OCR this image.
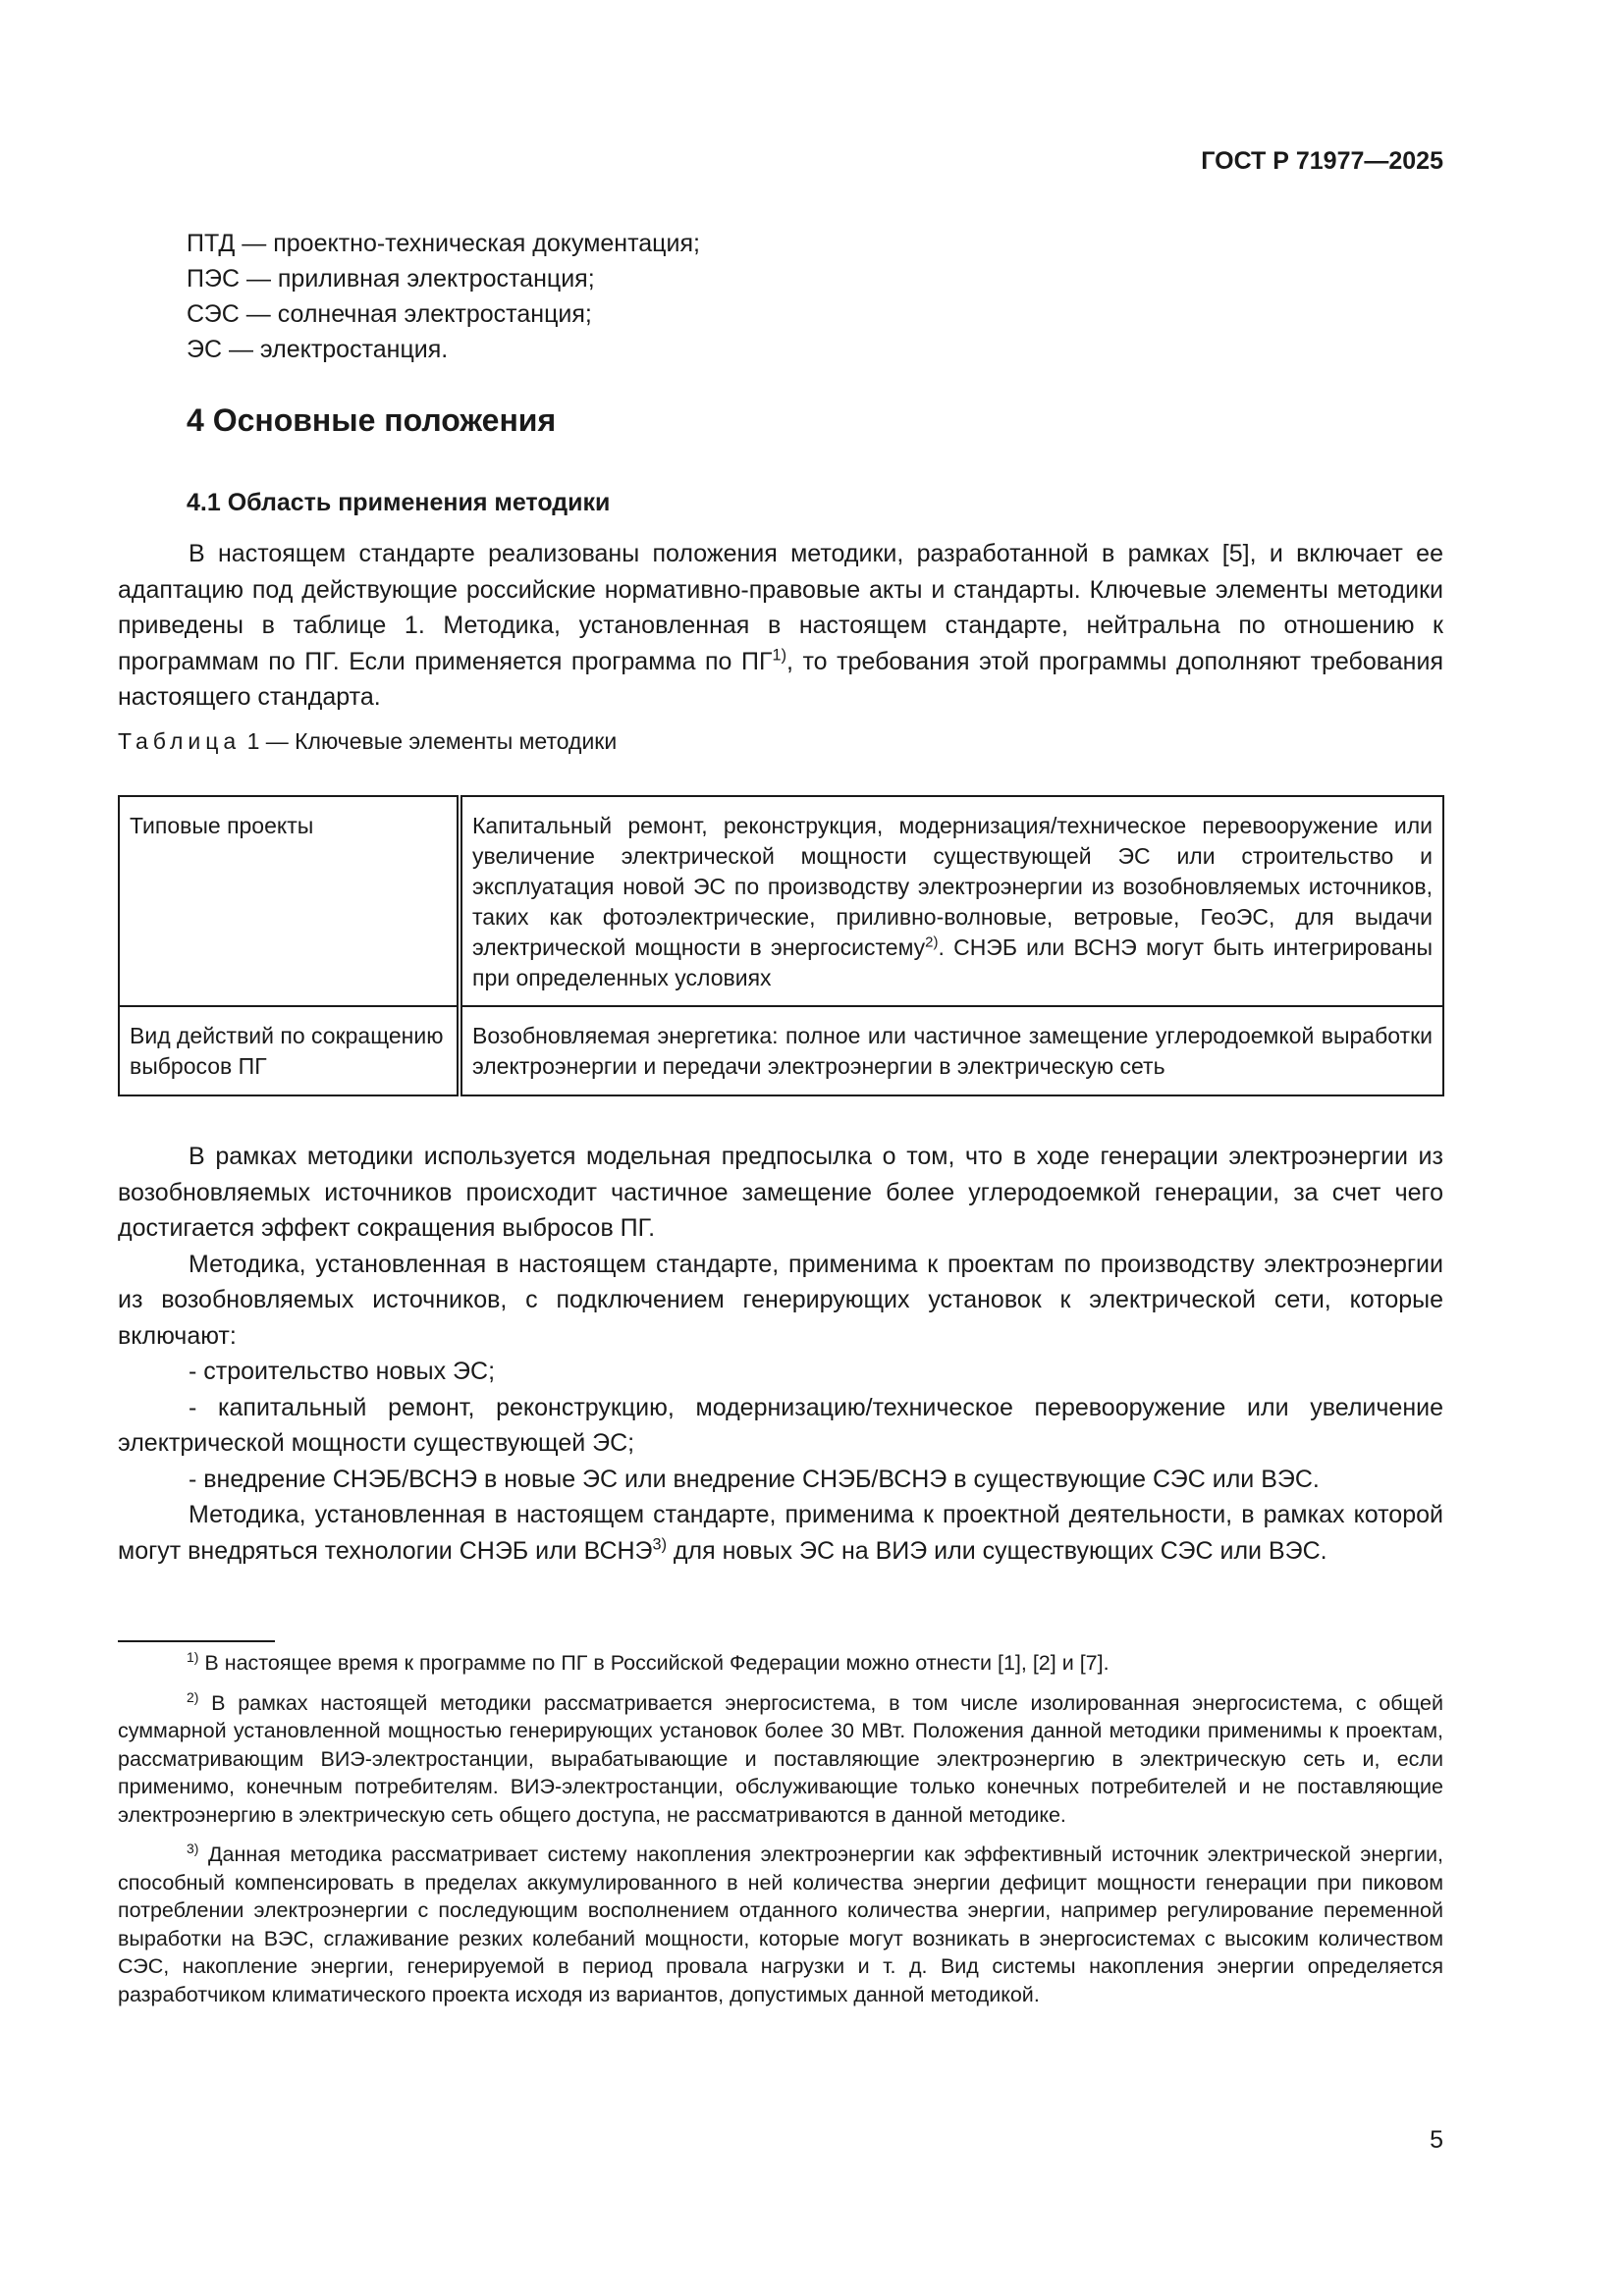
ГОСТ Р 71977—2025
ПТД — проектно-техническая документация;
ПЭС — приливная электростанция;
СЭС — солнечная электростанция;
ЭС — электростанция.
4 Основные положения
4.1 Область применения методики

В настоящем стандарте реализованы положения методики, разработанной в рамках [5], и включает ее адаптацию под действующие российские нормативно-правовые акты и стандарты. Ключевые элементы методики приведены в таблице 1. Методика, установленная в настоящем стандарте, нейтральна по отношению к программам по ПГ. Если применяется программа по ПГ$^{1)}$, то требования этой программы дополняют требования настоящего стандарта.

Таблица 1 — Ключевые элементы методики
Типовые проекты	Капитальный ремонт, реконструкция, модернизация/техническое перевооружение или увеличение электрической мощности существующей ЭС или строительство и эксплуатация новой ЭС по производству электроэнергии из возобновляемых источников, таких как фотоэлектрические, приливно-волновые, ветровые, ГеоЭС, для выдачи электрической мощности в энергосистему$^{2)}$. СНЭБ или ВСНЭ могут быть интегрированы при определенных условиях
Вид действий по сокращению выбросов ПГ	Возобновляемая энергетика: полное или частичное замещение углеродоемкой выработки электроэнергии и передачи электроэнергии в электрическую сеть

В рамках методики используется модельная предпосылка о том, что в ходе генерации электроэнергии из возобновляемых источников происходит частичное замещение более углеродоемкой генерации, за счет чего достигается эффект сокращения выбросов ПГ.

Методика, установленная в настоящем стандарте, применима к проектам по производству электроэнергии из возобновляемых источников, с подключением генерирующих установок к электрической сети, которые включают:

- строительство новых ЭС;

- капитальный ремонт, реконструкцию, модернизацию/техническое перевооружение или увеличение электрической мощности существующей ЭС;

- внедрение СНЭБ/ВСНЭ в новые ЭС или внедрение СНЭБ/ВСНЭ в существующие СЭС или ВЭС.

Методика, установленная в настоящем стандарте, применима к проектной деятельности, в рамках которой могут внедряться технологии СНЭБ или ВСНЭ$^{3)}$ для новых ЭС на ВИЭ или существующих СЭС или ВЭС.

$^{1)}$ В настоящее время к программе по ПГ в Российской Федерации можно отнести [1], [2] и [7].

$^{2)}$ В рамках настоящей методики рассматривается энергосистема, в том числе изолированная энергосистема, с общей суммарной установленной мощностью генерирующих установок более 30 МВт. Положения данной методики применимы к проектам, рассматривающим ВИЭ-электростанции, вырабатывающие и поставляющие электроэнергию в электрическую сеть и, если применимо, конечным потребителям. ВИЭ-электростанции, обслуживающие только конечных потребителей и не поставляющие электроэнергию в электрическую сеть общего доступа, не рассматриваются в данной методике.

$^{3)}$ Данная методика рассматривает систему накопления электроэнергии как эффективный источник электрической энергии, способный компенсировать в пределах аккумулированного в ней количества энергии дефицит мощности генерации при пиковом потреблении электроэнергии с последующим восполнением отданного количества энергии, например регулирование переменной выработки на ВЭС, сглаживание резких колебаний мощности, которые могут возникать в энергосистемах с высоким количеством СЭС, накопление энергии, генерируемой в период провала нагрузки и т. д. Вид системы накопления энергии определяется разработчиком климатического проекта исходя из вариантов, допустимых данной методикой.

5
